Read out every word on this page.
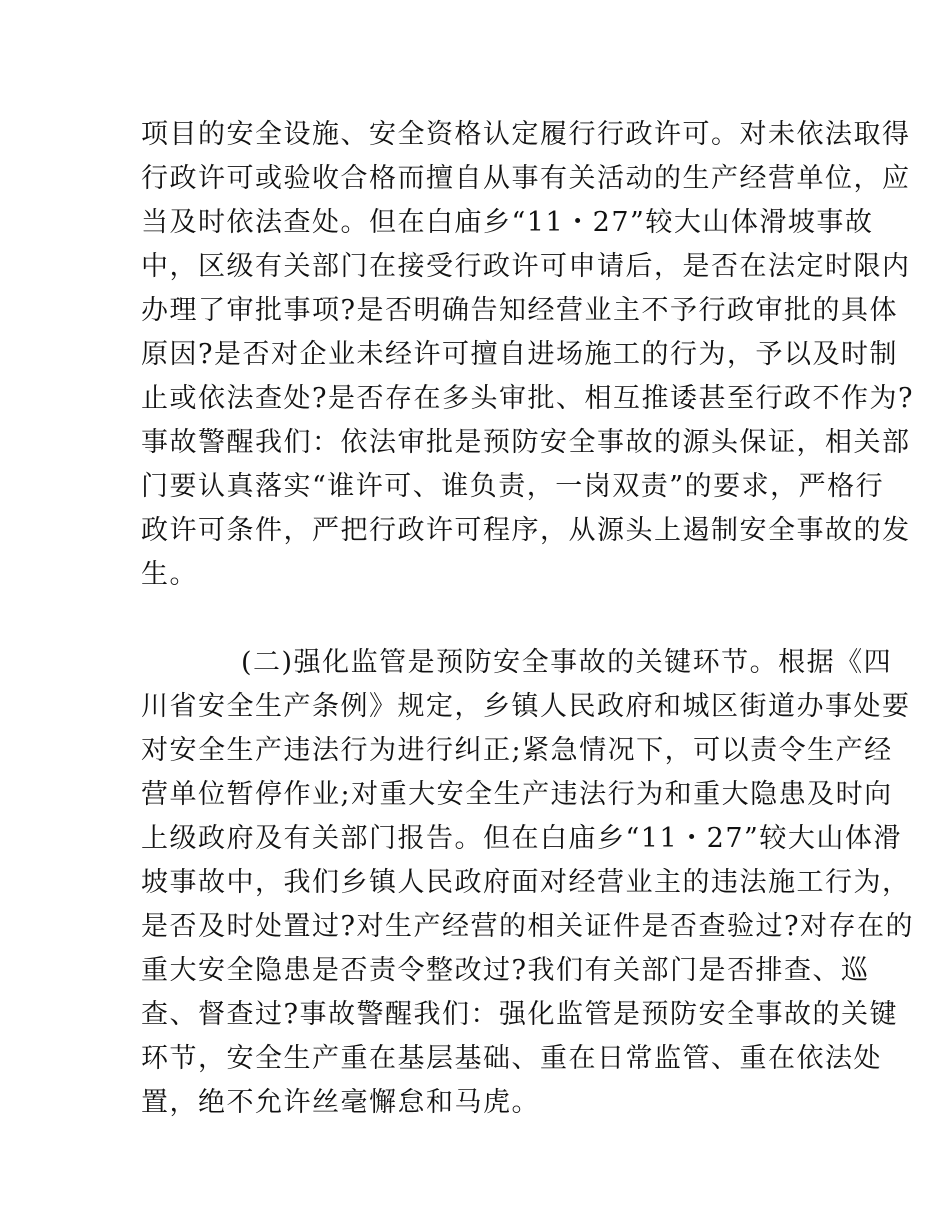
项目的安全设施、安全资格认定履行行政许可。对未依法取得

行政许可或验收合格而擅自从事有关活动的生产经营单位，应

当及时依法查处。但在白庙乡“11・27”较大山体滑坡事故

中，区级有关部门在接受行政许可申请后，是否在法定时限内

办理了审批事项?是否明确告知经营业主不予行政审批的具体

原因?是否对企业未经许可擅自进场施工的行为，予以及时制

止或依法查处?是否存在多头审批、相互推诿甚至行政不作为?

事故警醒我们：依法审批是预防安全事故的源头保证，相关部

门要认真落实“谁许可、谁负责，一岗双责”的要求，严格行

政许可条件，严把行政许可程序，从源头上遏制安全事故的发

生。

(二)强化监管是预防安全事故的关键环节。根据《四

川省安全生产条例》规定，乡镇人民政府和城区街道办事处要

对安全生产违法行为进行纠正;紧急情况下，可以责令生产经

营单位暂停作业;对重大安全生产违法行为和重大隐患及时向

上级政府及有关部门报告。但在白庙乡“11・27”较大山体滑

坡事故中，我们乡镇人民政府面对经营业主的违法施工行为，

是否及时处置过?对生产经营的相关证件是否查验过?对存在的

重大安全隐患是否责令整改过?我们有关部门是否排查、巡

查、督查过?事故警醒我们：强化监管是预防安全事故的关键

环节，安全生产重在基层基础、重在日常监管、重在依法处

置，绝不允许丝毫懈怠和马虎。
